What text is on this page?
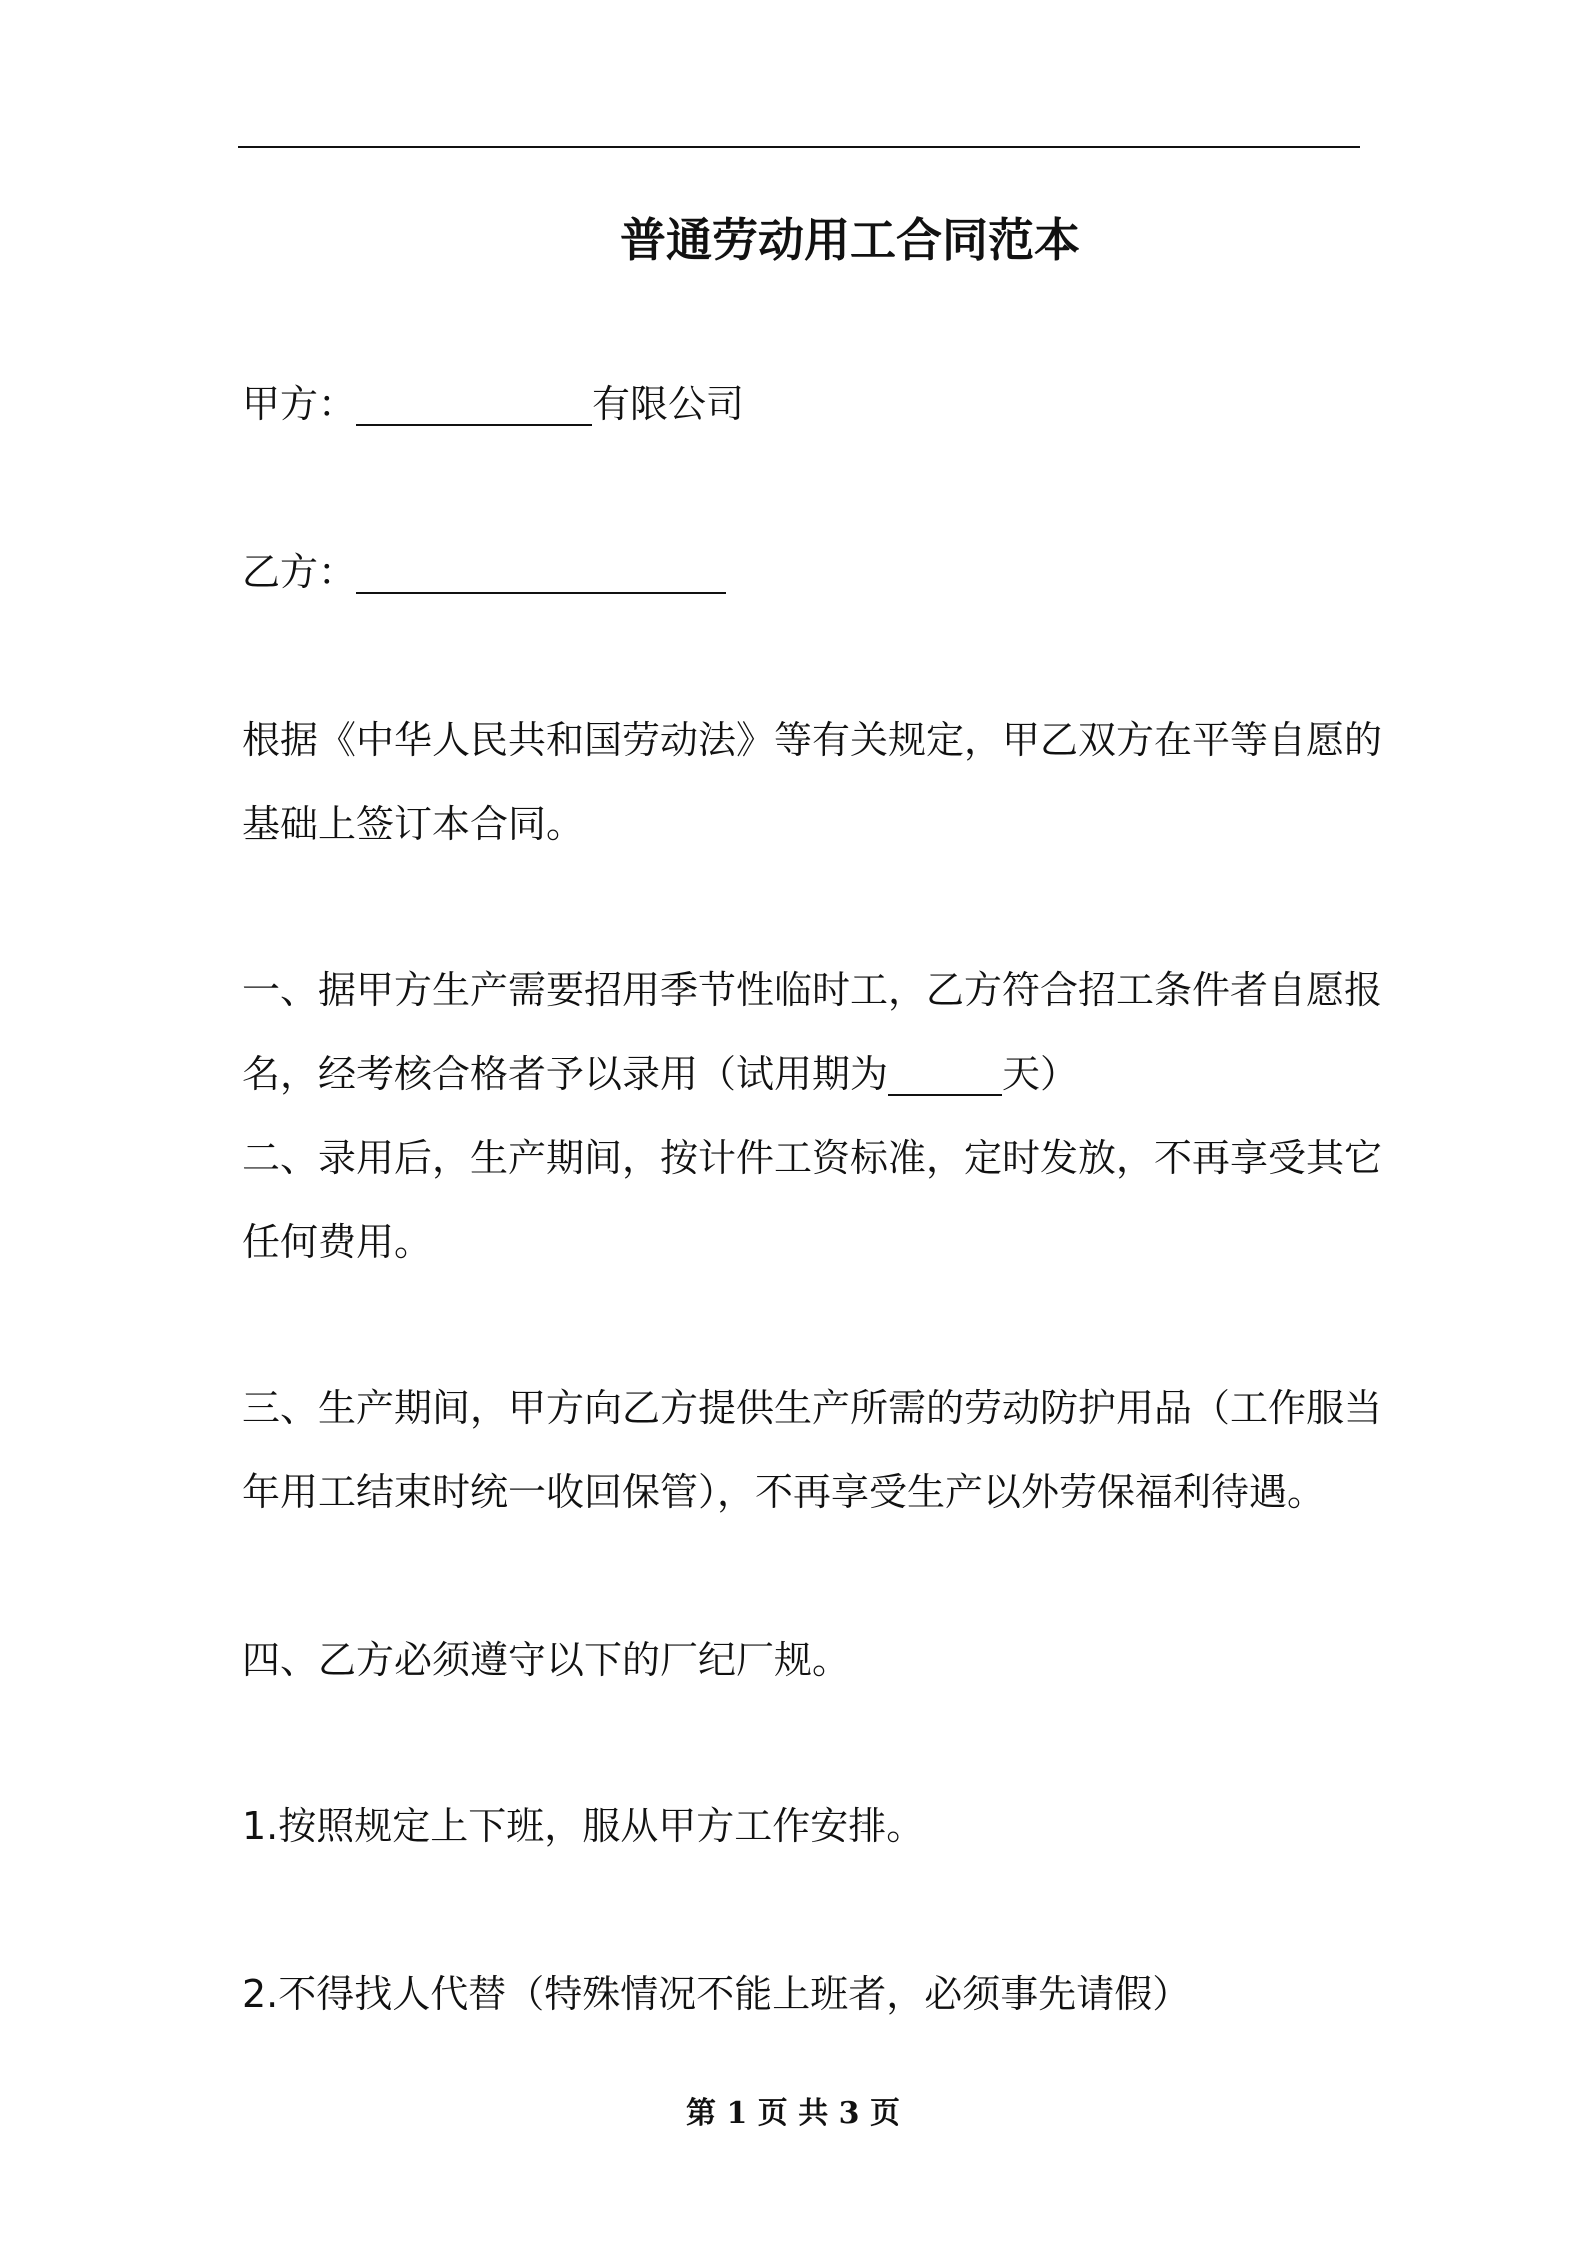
普通劳动用工合同范本
甲方：	有限公司
乙方：
根据《中华人民共和国劳动法》等有关规定，甲乙双方在平等自愿的
基础上签订本合同。
一、据甲方生产需要招用季节性临时工，乙方符合招工条件者自愿报
名，经考核合格者予以录用（试用期为	天）
二、录用后，生产期间，按计件工资标准，定时发放，不再享受其它
任何费用。
三、生产期间，甲方向乙方提供生产所需的劳动防护用品（工作服当
年用工结束时统一收回保管），不再享受生产以外劳保福利待遇。
四、乙方必须遵守以下的厂纪厂规。
1.按照规定上下班，服从甲方工作安排。
2.不得找人代替（特殊情况不能上班者，必须事先请假）
第 1 页 共 3 页
